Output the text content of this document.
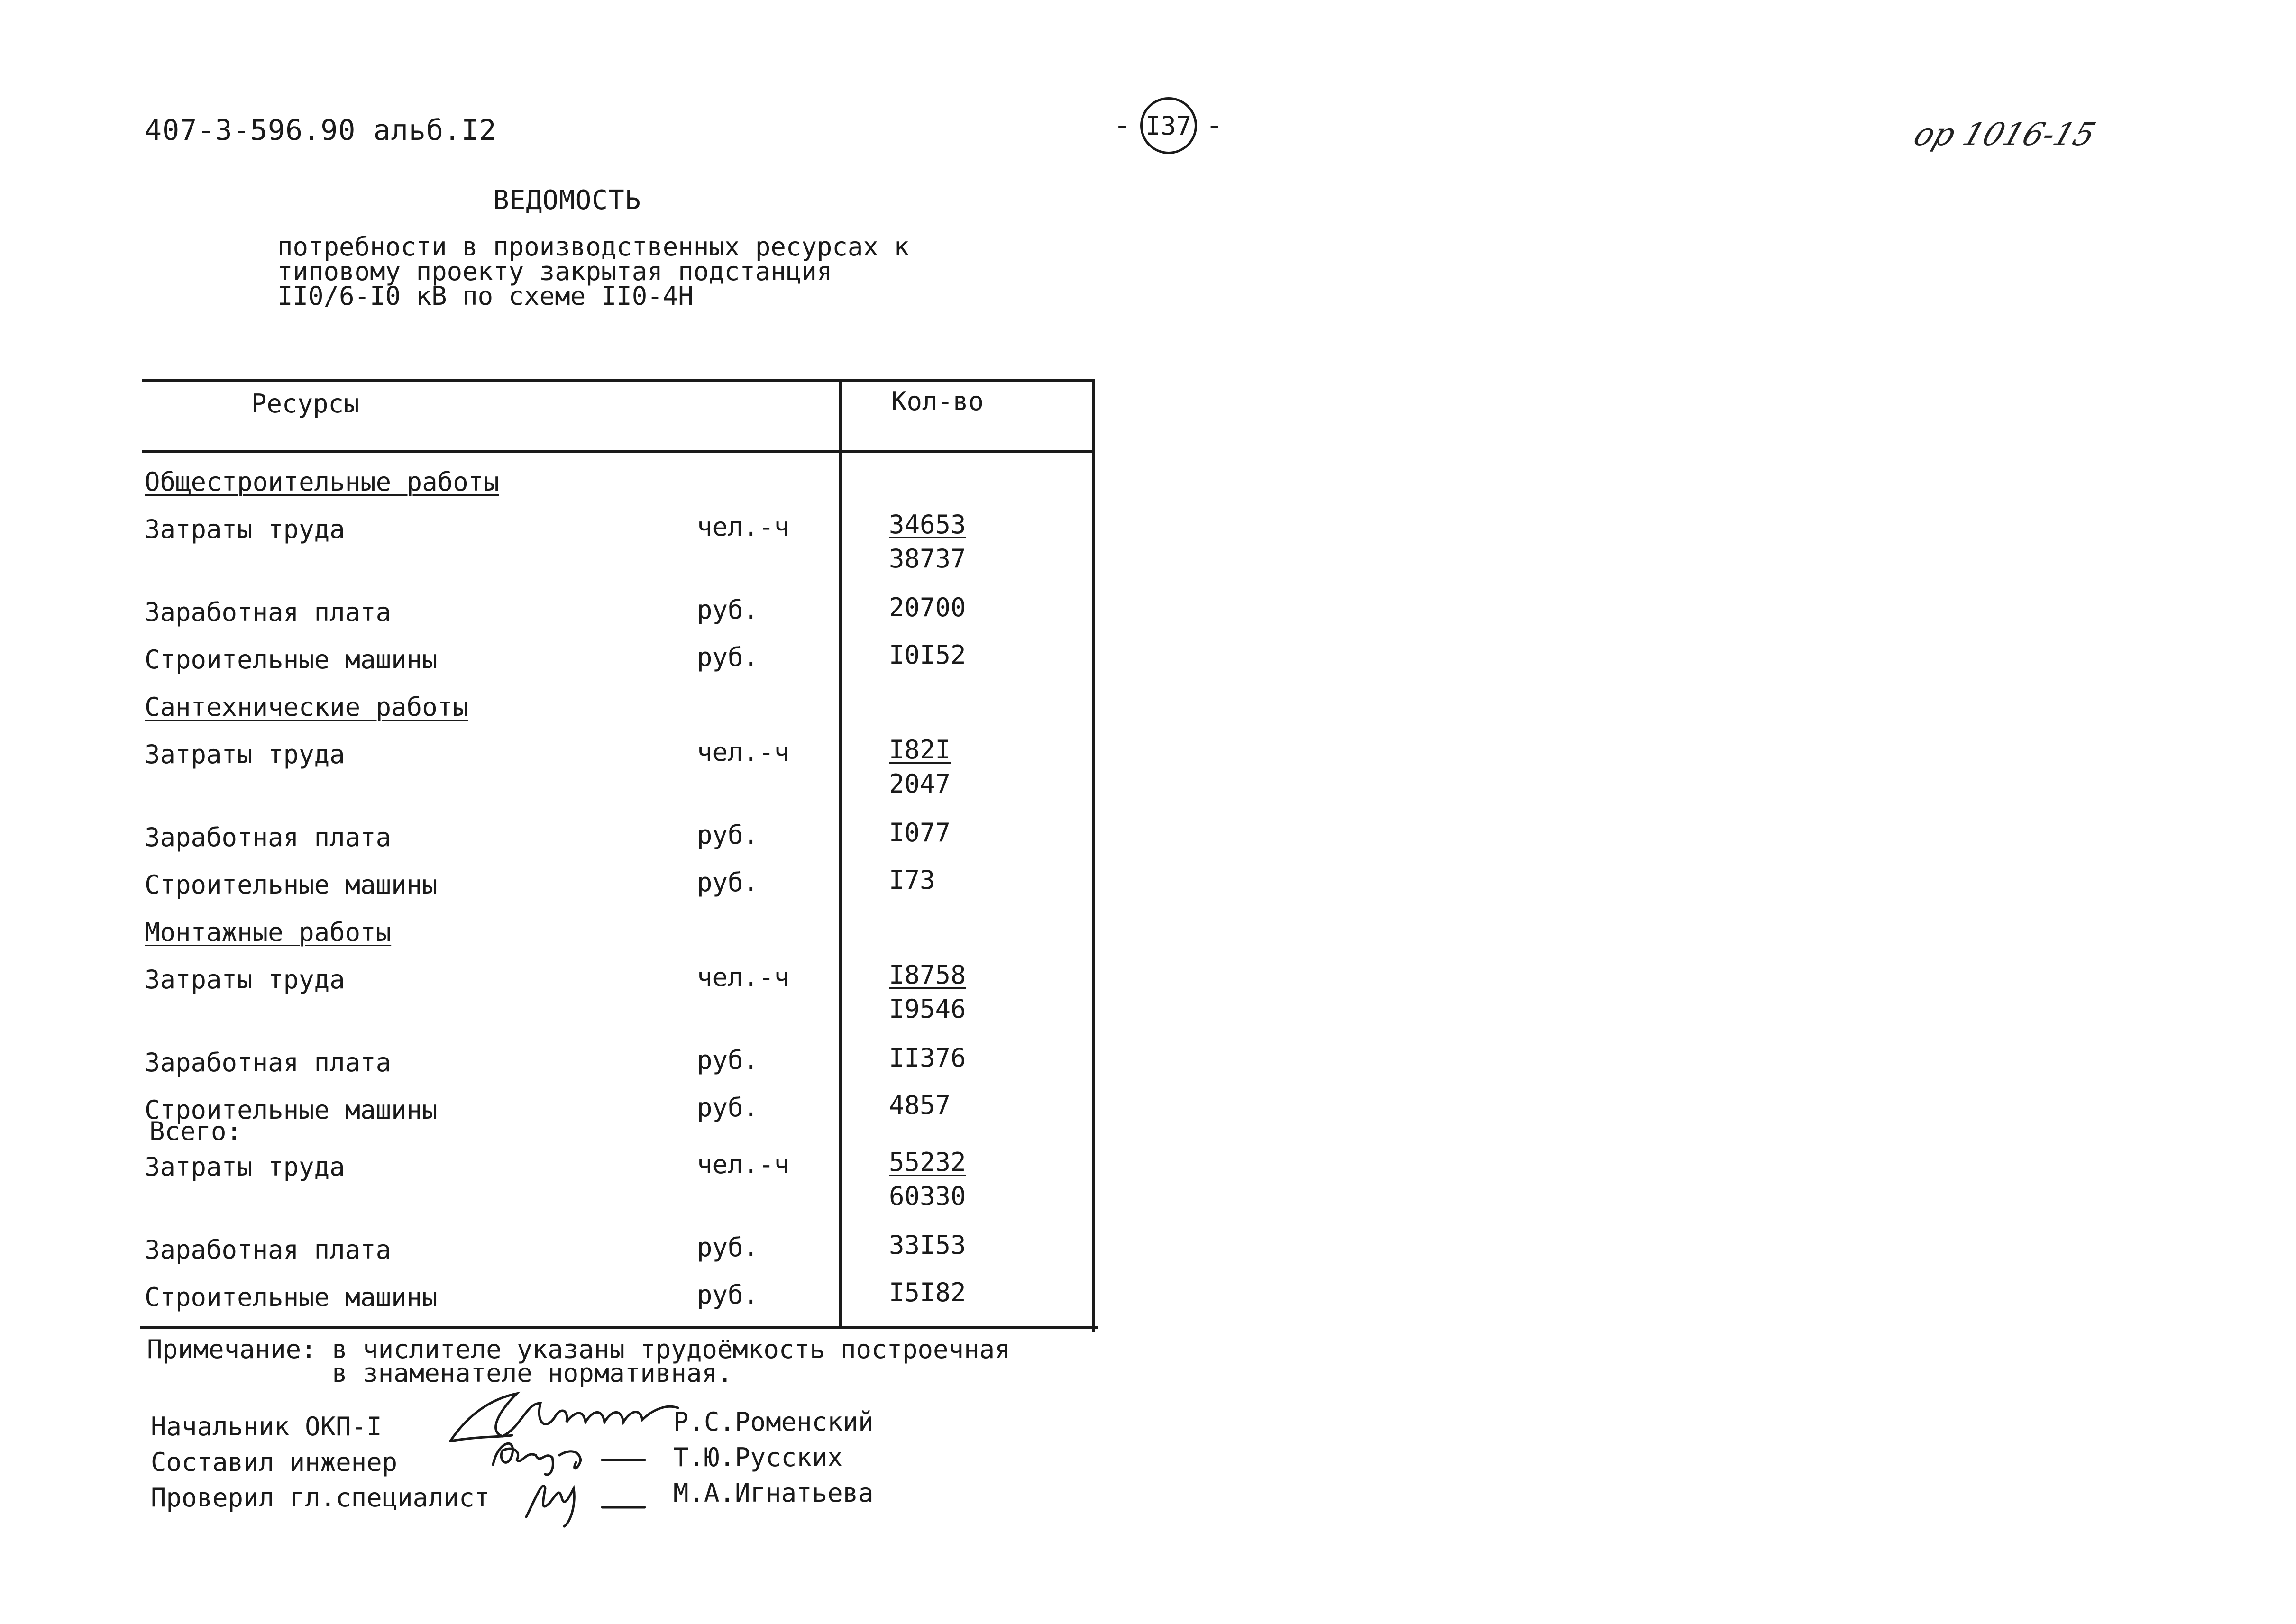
407-3-596.90 альб.I2	- I37 -	ор 1016-15
ВЕДОМОСТЬ
потребности в производственных ресурсах к
типовому проекту закрытая подстанция
II0/6-I0 кВ по схеме II0-4Н
Ресурсы	Кол-во
Общестроительные работы
Затраты труда	чел.-ч	34653
38737
Заработная плата	руб.	20700
Строительные машины	руб.	I0I52
Сантехнические работы
Затраты труда	чел.-ч	I82I
2047
Заработная плата	руб.	I077
Строительные машины	руб.	I73
Монтажные работы
Затраты труда	чел.-ч	I8758
I9546
Заработная плата	руб.	II376
Строительные машины	руб.	4857
Всего:
Затраты труда	чел.-ч	55232
60330
Заработная плата	руб.	33I53
Строительные машины	руб.	I5I82
Примечание: в числителе указаны трудоёмкость построечная
в знаменателе нормативная.
Начальник ОКП-I	Р.С.Роменский
Составил инженер	Т.Ю.Русских
Проверил гл.специалист	М.А.Игнатьева
